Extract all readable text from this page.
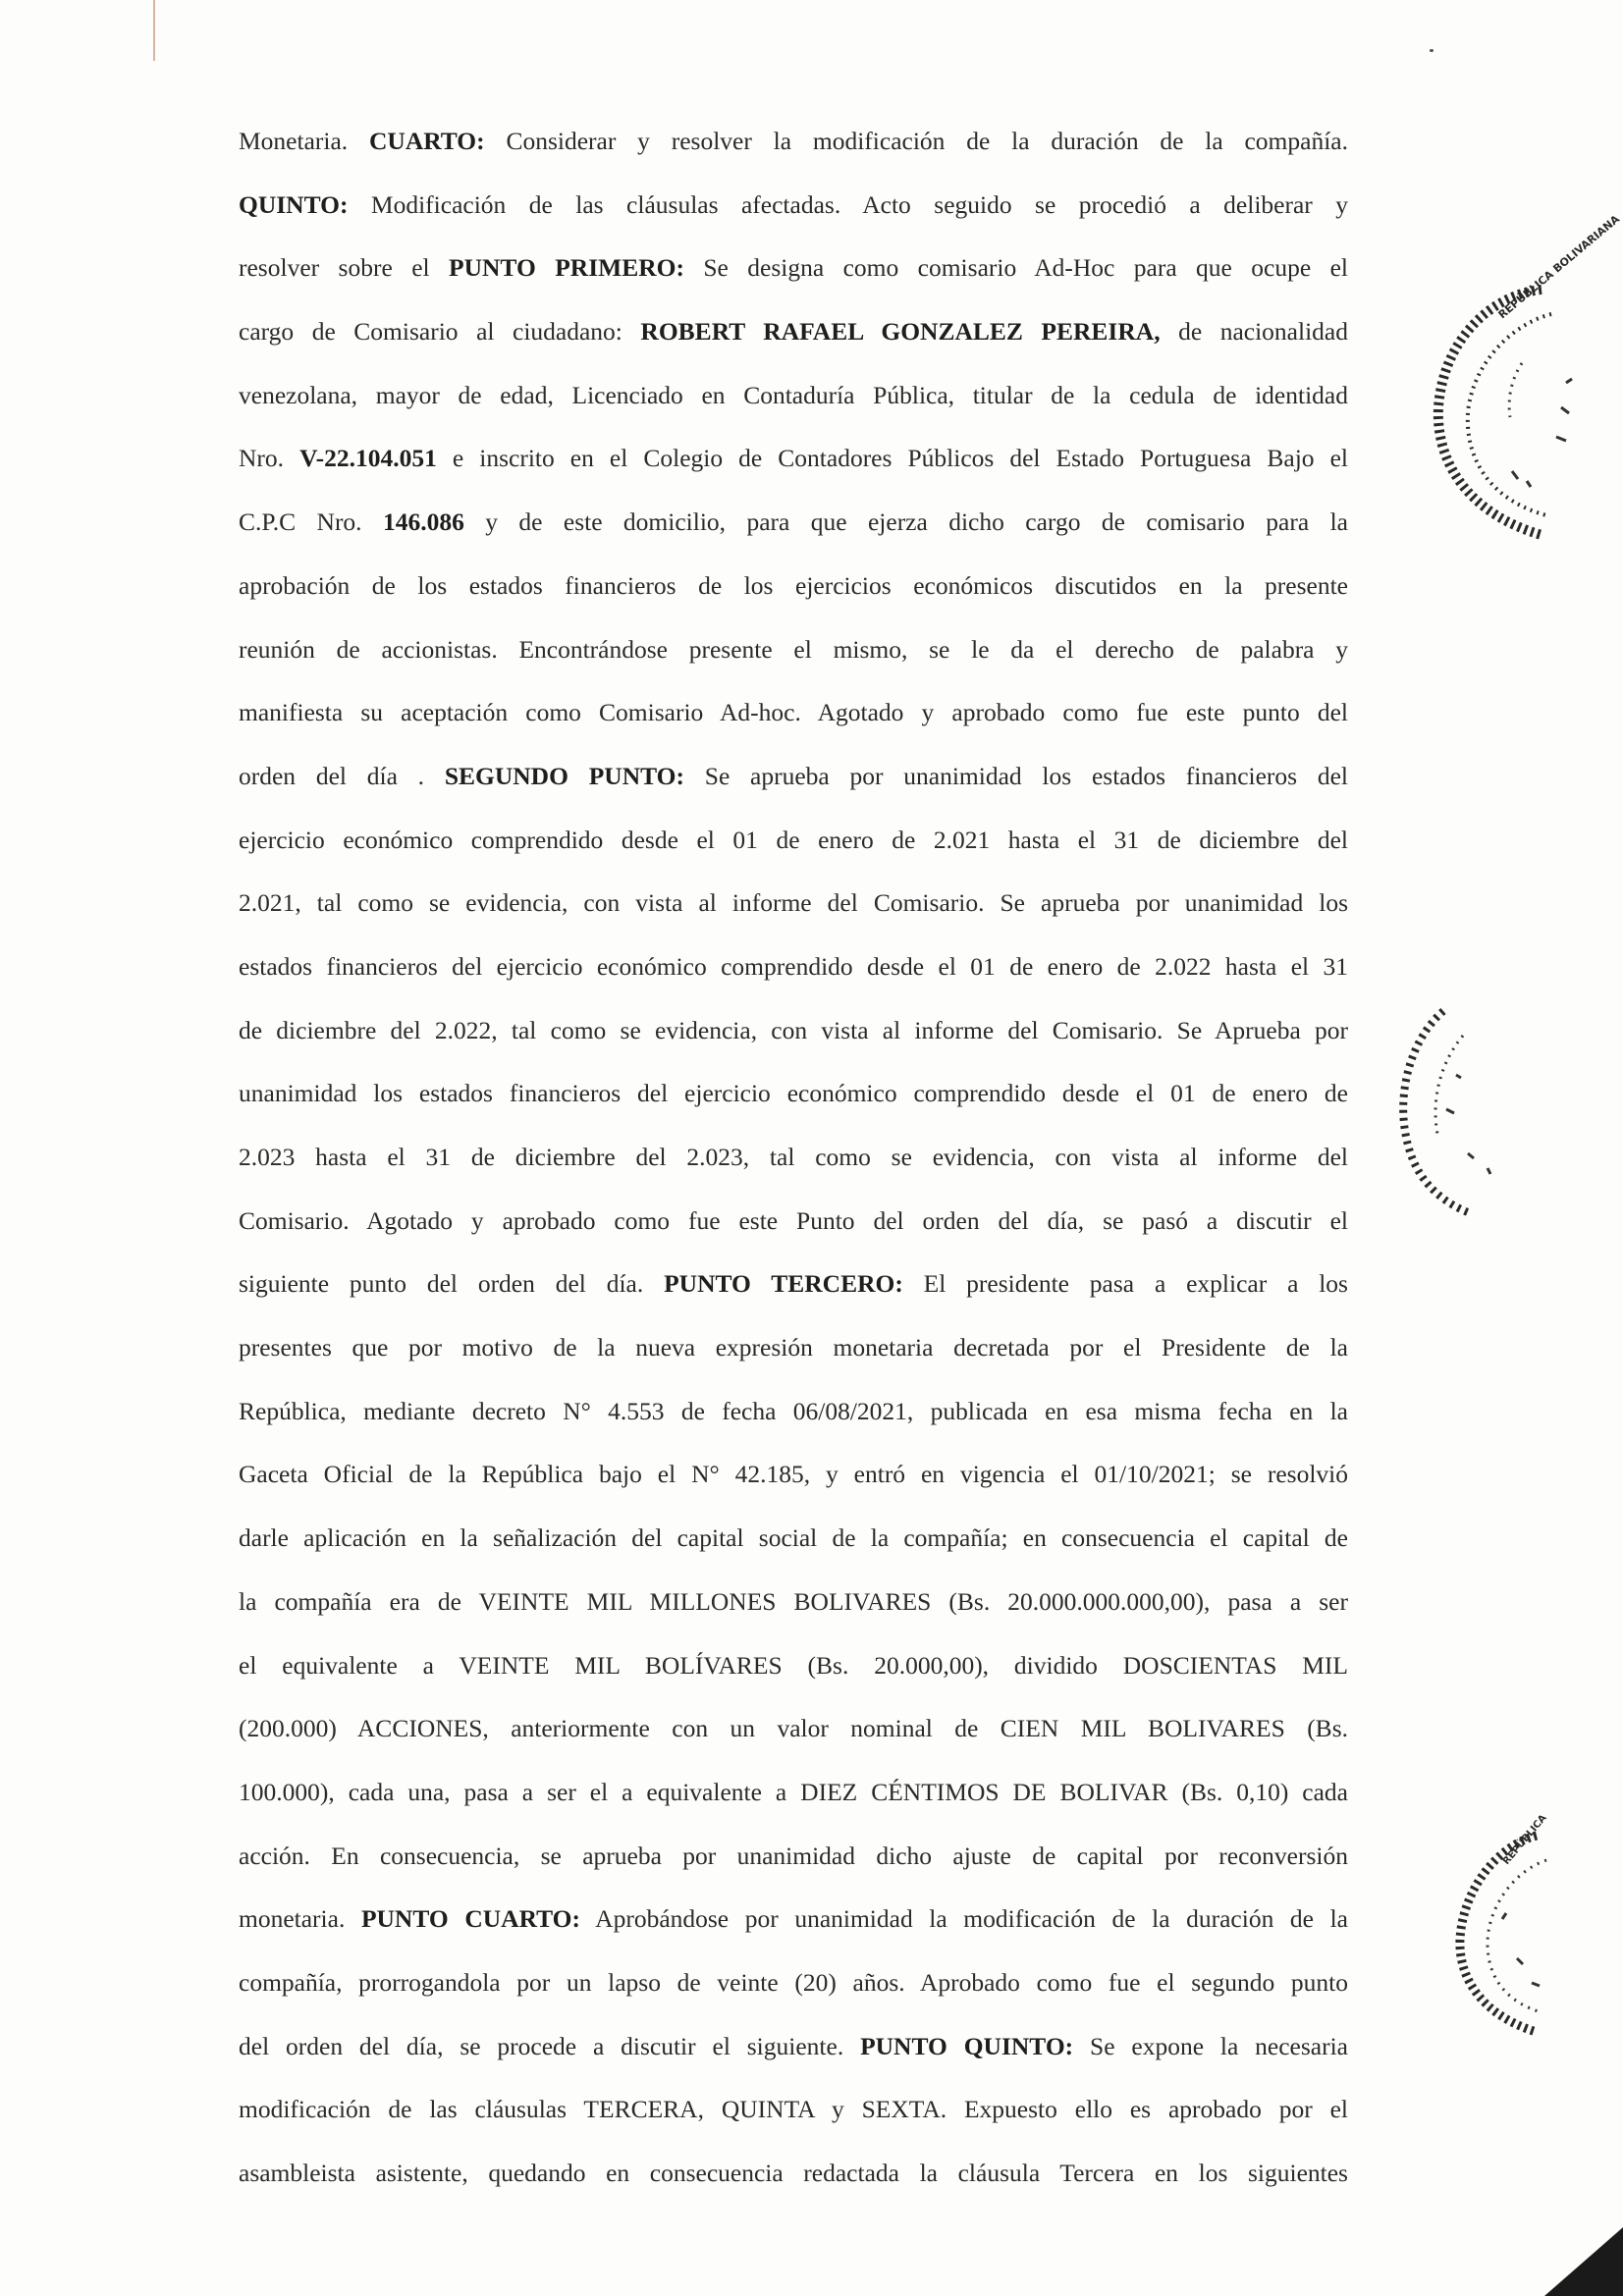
Monetaria. CUARTO: Considerar y resolver la modificación de la duración de la compañía.
QUINTO: Modificación de las cláusulas afectadas. Acto seguido se procedió a deliberar y
resolver sobre el PUNTO PRIMERO: Se designa como comisario Ad-Hoc para que ocupe el
cargo de Comisario al ciudadano: ROBERT RAFAEL GONZALEZ PEREIRA, de nacionalidad
venezolana, mayor de edad, Licenciado en Contaduría Pública, titular de la cedula de identidad
Nro. V-22.104.051 e inscrito en el Colegio de Contadores Públicos del Estado Portuguesa Bajo el
C.P.C Nro. 146.086 y de este domicilio, para que ejerza dicho cargo de comisario para la
aprobación de los estados financieros de los ejercicios económicos discutidos en la presente
reunión de accionistas. Encontrándose presente el mismo, se le da el derecho de palabra y
manifiesta su aceptación como Comisario Ad-hoc. Agotado y aprobado como fue este punto del
orden del día . SEGUNDO PUNTO: Se aprueba por unanimidad los estados financieros del
ejercicio económico comprendido desde el 01 de enero de 2.021 hasta el 31 de diciembre del
2.021, tal como se evidencia, con vista al informe del Comisario. Se aprueba por unanimidad los
estados financieros del ejercicio económico comprendido desde el 01 de enero de 2.022 hasta el 31
de diciembre del 2.022, tal como se evidencia, con vista al informe del Comisario. Se Aprueba por
unanimidad los estados financieros del ejercicio económico comprendido desde el 01 de enero de
2.023 hasta el 31 de diciembre del 2.023, tal como se evidencia, con vista al informe del
Comisario. Agotado y aprobado como fue este Punto del orden del día, se pasó a discutir el
siguiente punto del orden del día. PUNTO TERCERO: El presidente pasa a explicar a los
presentes que por motivo de la nueva expresión monetaria decretada por el Presidente de la
República, mediante decreto N° 4.553 de fecha 06/08/2021, publicada en esa misma fecha en la
Gaceta Oficial de la República bajo el N° 42.185, y entró en vigencia el 01/10/2021; se resolvió
darle aplicación en la señalización del capital social de la compañía; en consecuencia el capital de
la compañía era de VEINTE MIL MILLONES BOLIVARES (Bs. 20.000.000.000,00), pasa a ser
el equivalente a VEINTE MIL BOLÍVARES (Bs. 20.000,00), dividido DOSCIENTAS MIL
(200.000) ACCIONES, anteriormente con un valor nominal de CIEN MIL BOLIVARES (Bs.
100.000), cada una, pasa a ser el a equivalente a DIEZ CÉNTIMOS DE BOLIVAR (Bs. 0,10) cada
acción. En consecuencia, se aprueba por unanimidad dicho ajuste de capital por reconversión
monetaria. PUNTO CUARTO: Aprobándose por unanimidad la modificación de la duración de la
compañía, prorrogandola por un lapso de veinte (20) años. Aprobado como fue el segundo punto
del orden del día, se procede a discutir el siguiente. PUNTO QUINTO: Se expone la necesaria
modificación de las cláusulas TERCERA, QUINTA y SEXTA. Expuesto ello es aprobado por el
asambleista asistente, quedando en consecuencia redactada la cláusula Tercera en los siguientes
REPÚBLICA BOLIVARIANA
REPÚBLICA
